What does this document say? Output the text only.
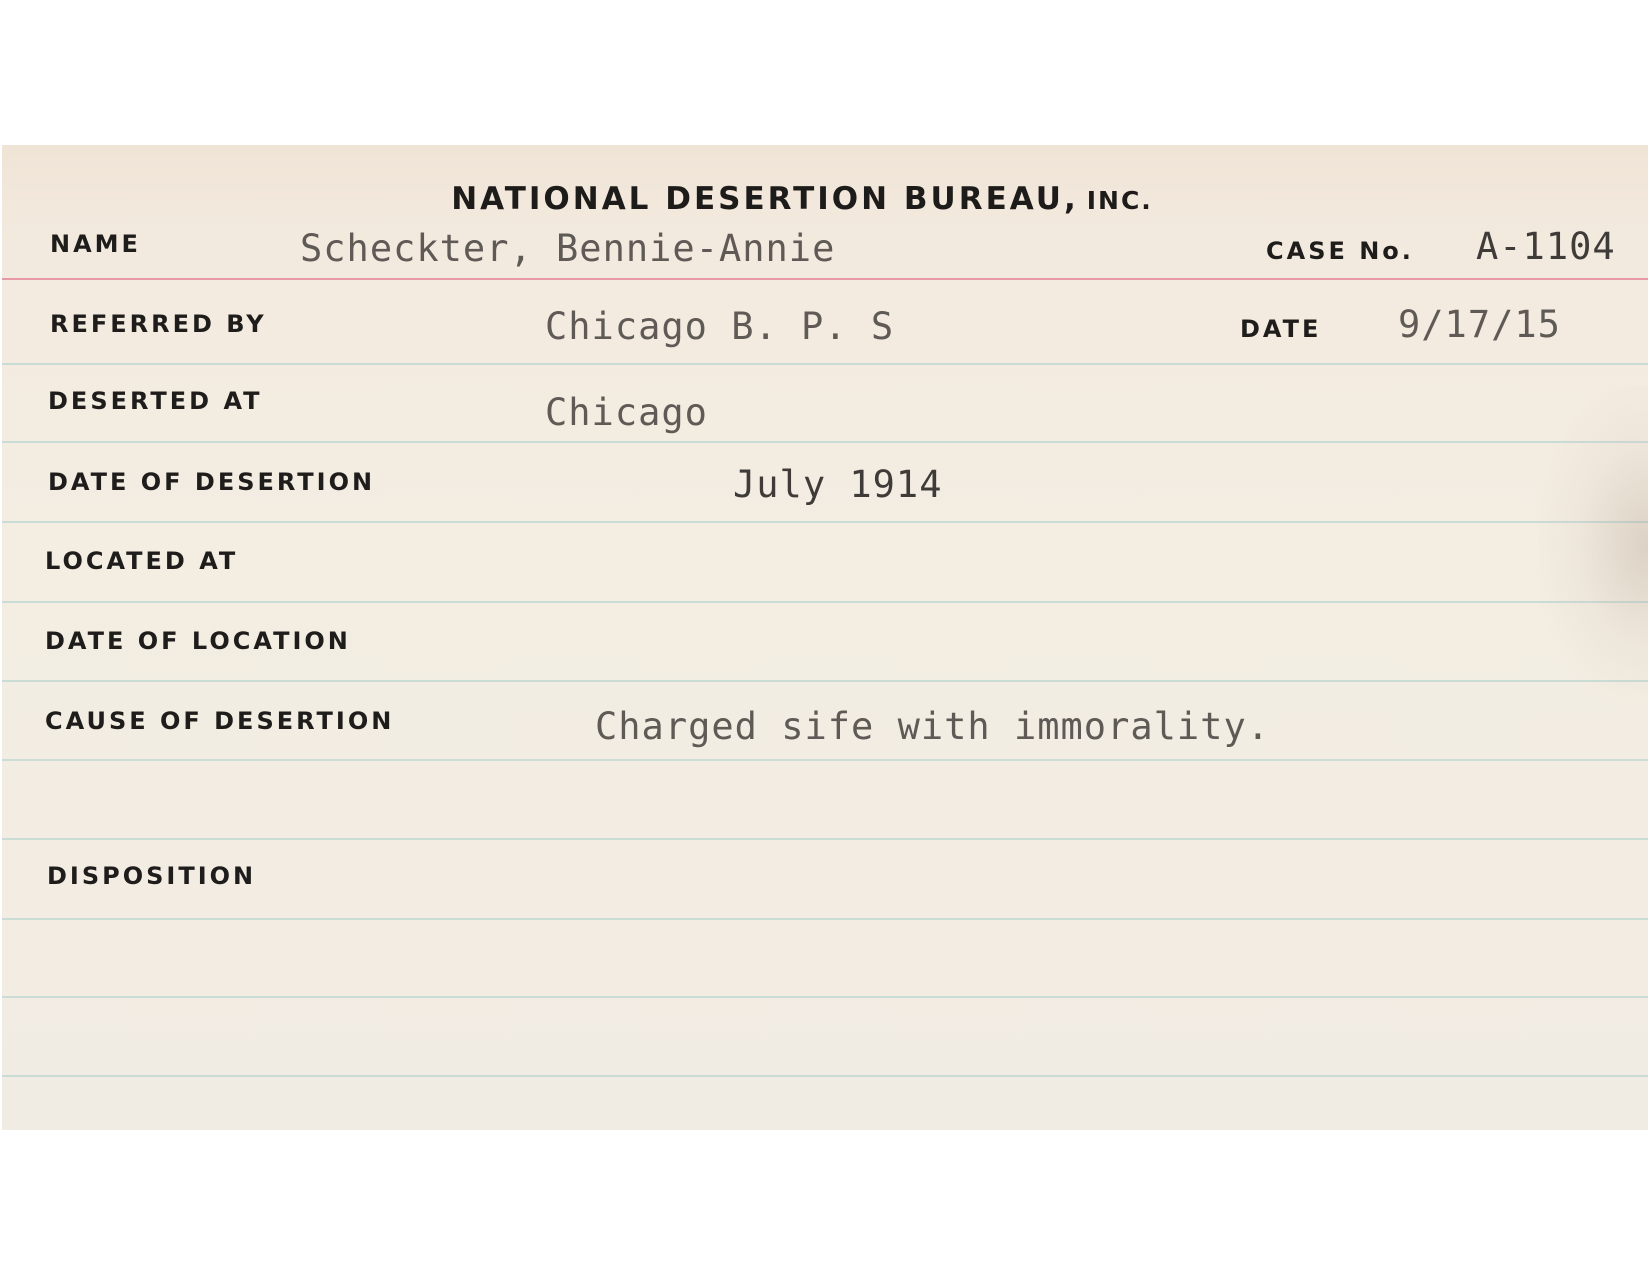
NATIONAL DESERTION BUREAU, INC.
NAME	Scheckter, Bennie-Annie	CASE No. A-1104
REFERRED BY	Chicago B. P. S	DATE 9/17/15
DESERTED AT	Chicago
DATE OF DESERTION	July 1914
LOCATED AT
DATE OF LOCATION
CAUSE OF DESERTION	Charged sife with immorality.
DISPOSITION
